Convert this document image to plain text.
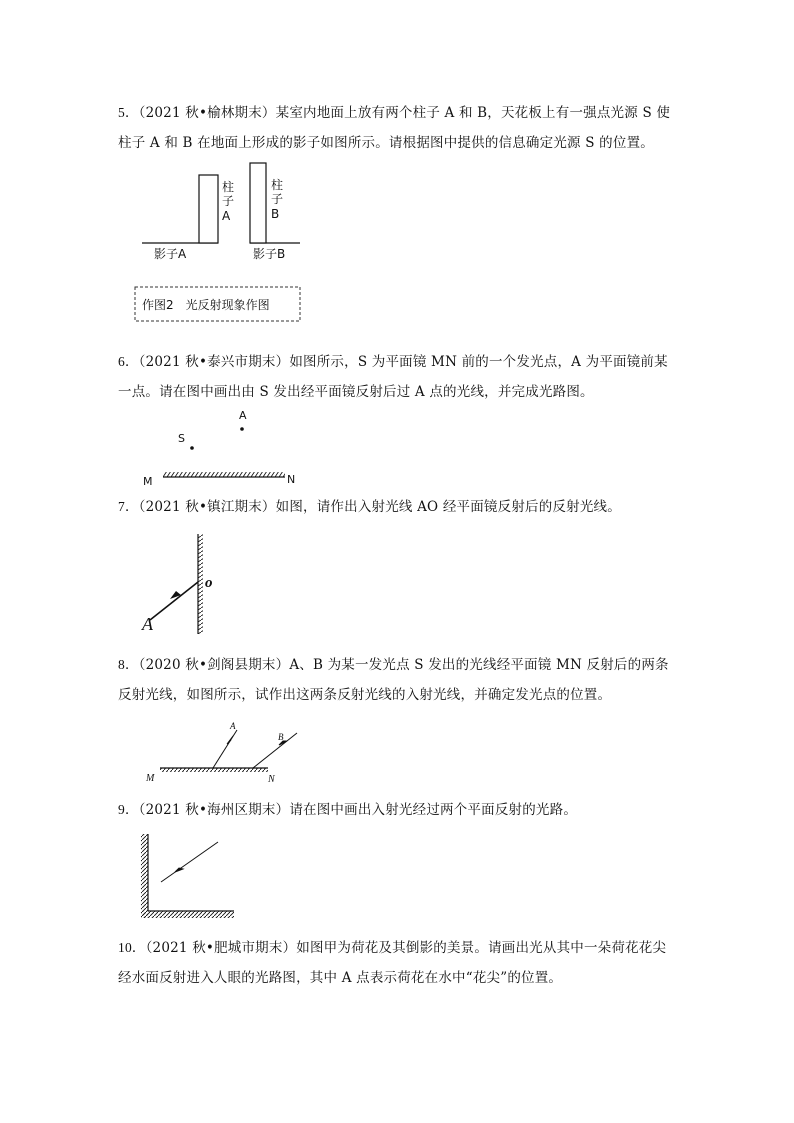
5．（2021 秋•榆林期末）某室内地面上放有两个柱子 A 和 B，天花板上有一强点光源 S 使柱子 A 和 B 在地面上形成的影子如图所示。请根据图中提供的信息确定光源 S 的位置。
柱
子
A
柱
子
B
影子A	影子B
作图2　光反射现象作图
6．（2021 秋•泰兴市期末）如图所示，S 为平面镜 MN 前的一个发光点，A 为平面镜前某一点。请在图中画出由 S 发出经平面镜反射后过 A 点的光线，并完成光路图。
A
S
M	N
7．（2021 秋•镇江期末）如图，请作出入射光线 AO 经平面镜反射后的反射光线。
A
o
8．（2020 秋•剑阁县期末）A、B 为某一发光点 S 发出的光线经平面镜 MN 反射后的两条反射光线，如图所示，试作出这两条反射光线的入射光线，并确定发光点的位置。
A
B
M	N
9．（2021 秋•海州区期末）请在图中画出入射光经过两个平面反射的光路。
10．（2021 秋•肥城市期末）如图甲为荷花及其倒影的美景。请画出光从其中一朵荷花花尖经水面反射进入人眼的光路图，其中 A 点表示荷花在水中“花尖”的位置。
